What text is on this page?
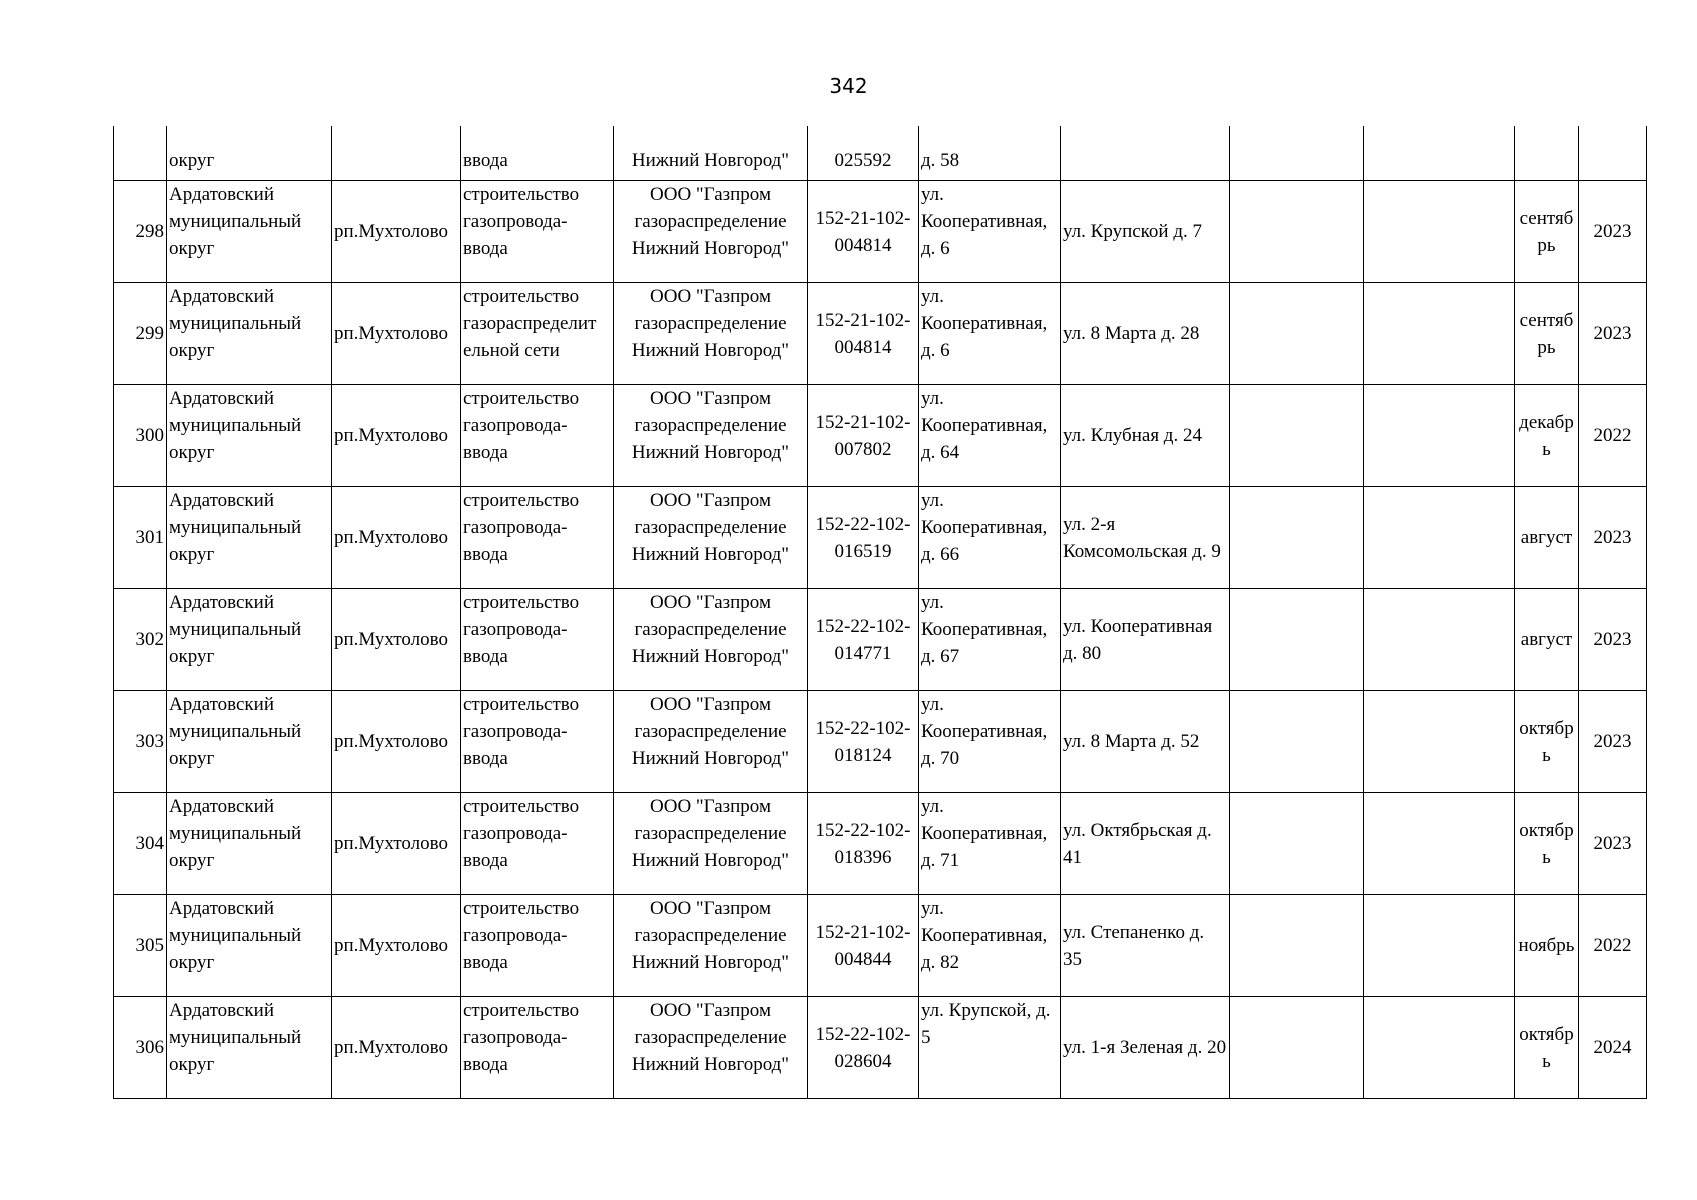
342
	округ		ввода	Нижний Новгород"	025592	д. 58					
298	Ардатовский муниципальный округ	рп.Мухтолово	строительство газопровода-ввода	ООО "Газпром газораспределение Нижний Новгород"	152-21-102-004814	ул. Кооперативная, д. 6	ул. Крупской д. 7			сентяб рь	2023
299	Ардатовский муниципальный округ	рп.Мухтолово	строительство газораспределит ельной сети	ООО "Газпром газораспределение Нижний Новгород"	152-21-102-004814	ул. Кооперативная, д. 6	ул. 8 Марта д. 28			сентяб рь	2023
300	Ардатовский муниципальный округ	рп.Мухтолово	строительство газопровода-ввода	ООО "Газпром газораспределение Нижний Новгород"	152-21-102-007802	ул. Кооперативная, д. 64	ул. Клубная д. 24			декабр ь	2022
301	Ардатовский муниципальный округ	рп.Мухтолово	строительство газопровода-ввода	ООО "Газпром газораспределение Нижний Новгород"	152-22-102-016519	ул. Кооперативная, д. 66	ул. 2-я Комсомольская д. 9			август	2023
302	Ардатовский муниципальный округ	рп.Мухтолово	строительство газопровода-ввода	ООО "Газпром газораспределение Нижний Новгород"	152-22-102-014771	ул. Кооперативная, д. 67	ул. Кооперативная д. 80			август	2023
303	Ардатовский муниципальный округ	рп.Мухтолово	строительство газопровода-ввода	ООО "Газпром газораспределение Нижний Новгород"	152-22-102-018124	ул. Кооперативная, д. 70	ул. 8 Марта д. 52			октябр ь	2023
304	Ардатовский муниципальный округ	рп.Мухтолово	строительство газопровода-ввода	ООО "Газпром газораспределение Нижний Новгород"	152-22-102-018396	ул. Кооперативная, д. 71	ул. Октябрьская д. 41			октябр ь	2023
305	Ардатовский муниципальный округ	рп.Мухтолово	строительство газопровода-ввода	ООО "Газпром газораспределение Нижний Новгород"	152-21-102-004844	ул. Кооперативная, д. 82	ул. Степаненко д. 35			ноябрь	2022
306	Ардатовский муниципальный округ	рп.Мухтолово	строительство газопровода-ввода	ООО "Газпром газораспределение Нижний Новгород"	152-22-102-028604	ул. Крупской, д. 5	ул. 1-я Зеленая д. 20			октябр ь	2024
